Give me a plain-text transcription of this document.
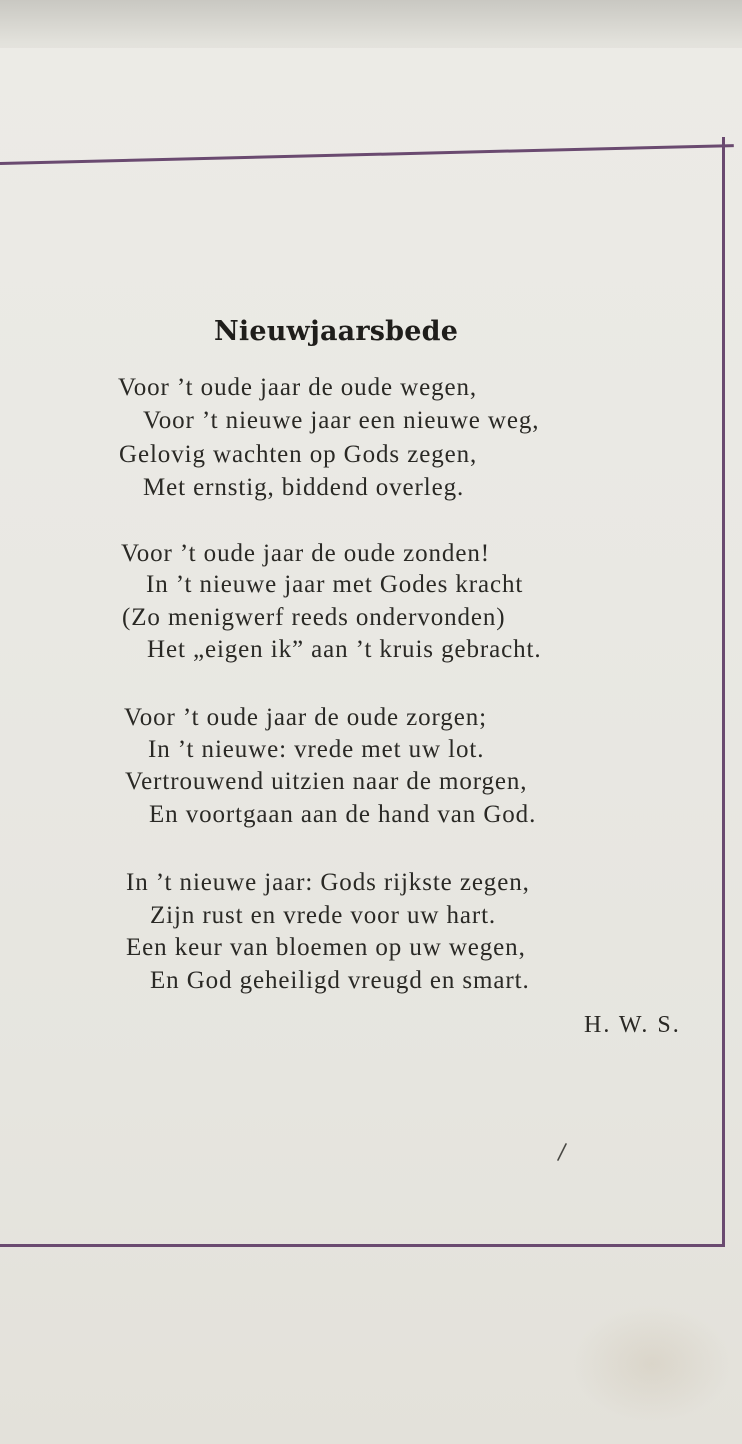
Nieuwjaarsbede
Voor ’t oude jaar de oude wegen,
Voor ’t nieuwe jaar een nieuwe weg,
Gelovig wachten op Gods zegen,
Met ernstig, biddend overleg.
Voor ’t oude jaar de oude zonden!
In ’t nieuwe jaar met Godes kracht
(Zo menigwerf reeds ondervonden)
Het „eigen ik” aan ’t kruis gebracht.
Voor ’t oude jaar de oude zorgen;
In ’t nieuwe: vrede met uw lot.
Vertrouwend uitzien naar de morgen,
En voortgaan aan de hand van God.
In ’t nieuwe jaar: Gods rijkste zegen,
Zijn rust en vrede voor uw hart.
Een keur van bloemen op uw wegen,
En God geheiligd vreugd en smart.
H. W. S.
